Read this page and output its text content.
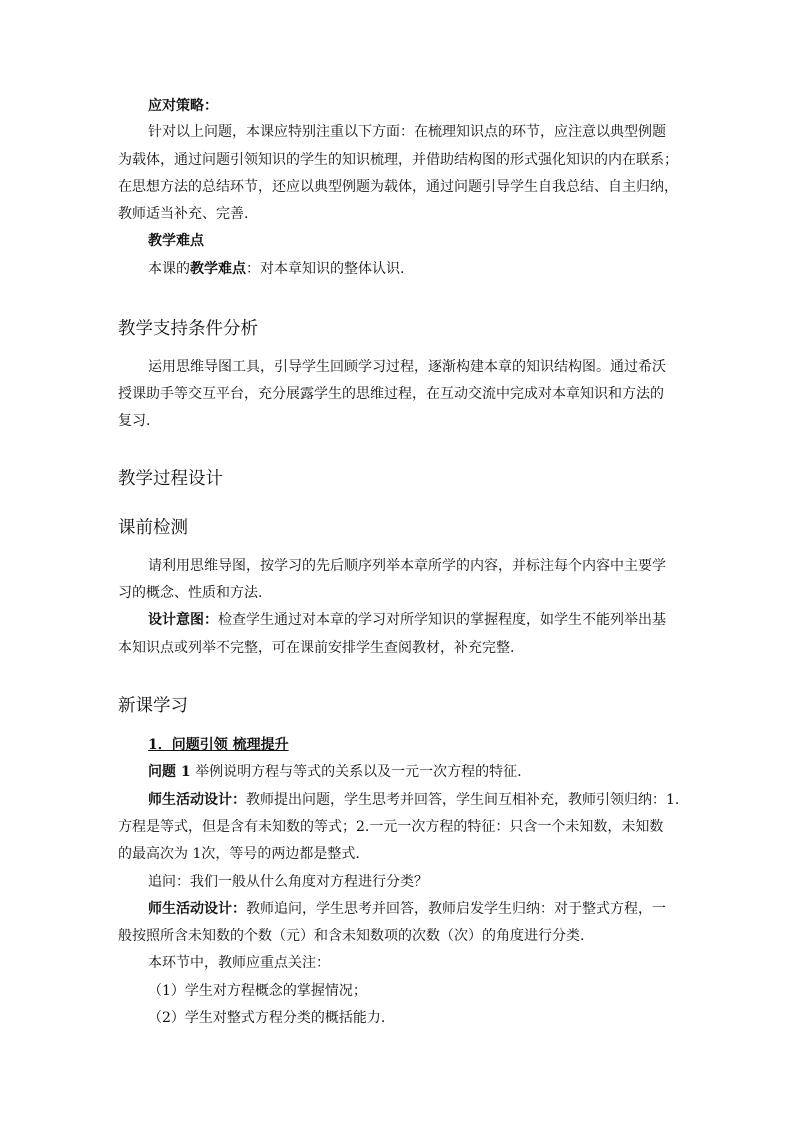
应对策略：
针对以上问题，本课应特别注重以下方面：在梳理知识点的环节，应注意以典型例题
为载体，通过问题引领知识的学生的知识梳理，并借助结构图的形式强化知识的内在联系；
在思想方法的总结环节，还应以典型例题为载体，通过问题引导学生自我总结、自主归纳，
教师适当补充、完善.
教学难点
本课的教学难点：对本章知识的整体认识.
教学支持条件分析
运用思维导图工具，引导学生回顾学习过程，逐渐构建本章的知识结构图。通过希沃
授课助手等交互平台，充分展露学生的思维过程，在互动交流中完成对本章知识和方法的
复习.
教学过程设计
课前检测
请利用思维导图，按学习的先后顺序列举本章所学的内容，并标注每个内容中主要学
习的概念、性质和方法.
设计意图：检查学生通过对本章的学习对所学知识的掌握程度，如学生不能列举出基
本知识点或列举不完整，可在课前安排学生查阅教材，补充完整.
新课学习
1．问题引领 梳理提升
问题 1 举例说明方程与等式的关系以及一元一次方程的特征.
师生活动设计：教师提出问题，学生思考并回答，学生间互相补充，教师引领归纳：1.
方程是等式，但是含有未知数的等式；2.一元一次方程的特征：只含一个未知数，未知数
的最高次为 1次，等号的两边都是整式.
追问：我们一般从什么角度对方程进行分类？
师生活动设计：教师追问，学生思考并回答，教师启发学生归纳：对于整式方程，一
般按照所含未知数的个数（元）和含未知数项的次数（次）的角度进行分类.
本环节中，教师应重点关注：
（1）学生对方程概念的掌握情况；
（2）学生对整式方程分类的概括能力.
